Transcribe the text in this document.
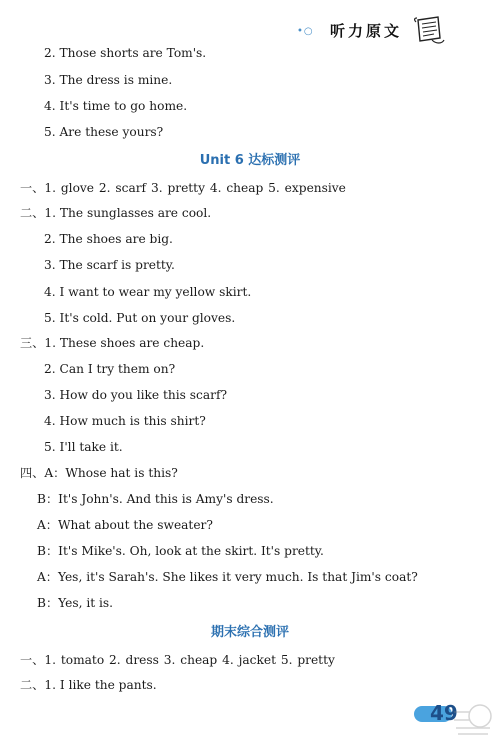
•○ 听力原文
2. Those shorts are Tom's.
3. The dress is mine.
4. It's time to go home.
5. Are these yours?
Unit 6 达标测评
一、1. glove 2. scarf 3. pretty 4. cheap 5. expensive
二、1. The sunglasses are cool.
2. The shoes are big.
3. The scarf is pretty.
4. I want to wear my yellow skirt.
5. It's cold. Put on your gloves.
三、1. These shoes are cheap.
2. Can I try them on?
3. How do you like this scarf?
4. How much is this shirt?
5. I'll take it.
四、A：Whose hat is this?
B：It's John's. And this is Amy's dress.
A：What about the sweater?
B：It's Mike's. Oh, look at the skirt. It's pretty.
A：Yes, it's Sarah's. She likes it very much. Is that Jim's coat?
B：Yes, it is.
期末综合测评
一、1. tomato 2. dress 3. cheap 4. jacket 5. pretty
二、1. I like the pants.
49
